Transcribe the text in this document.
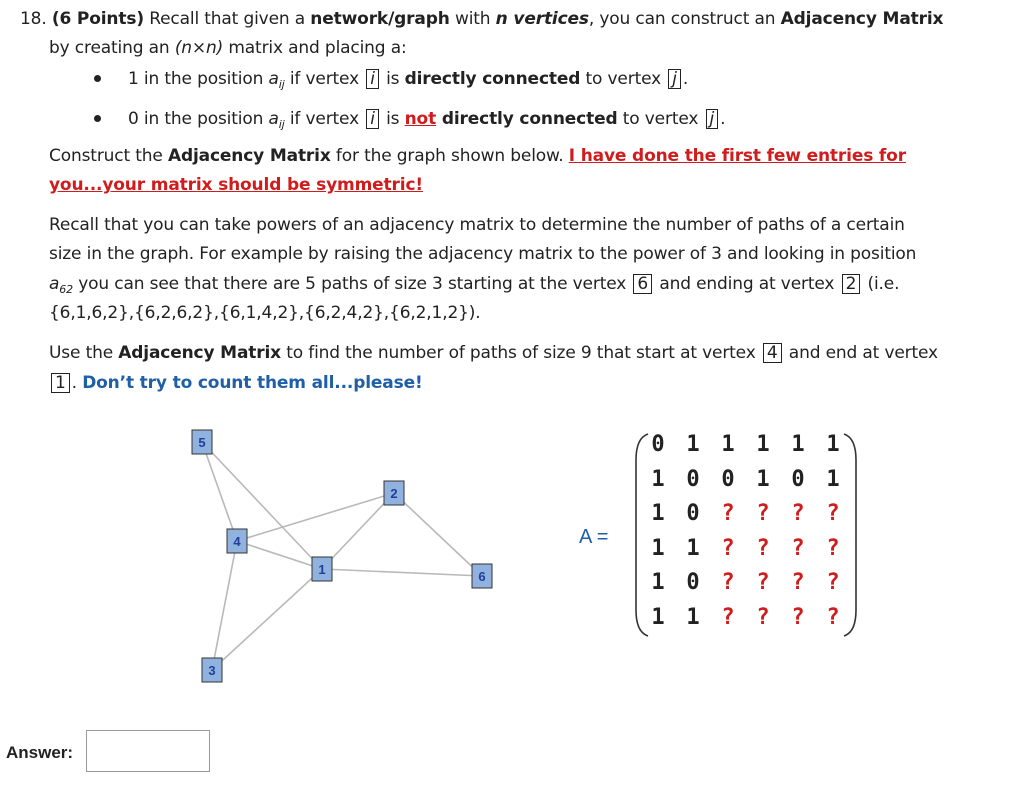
18. (6 Points) Recall that given a network/graph with n vertices, you can construct an Adjacency Matrix
by creating an (n×n) matrix and placing a:
1 in the position $a_{ij}$ if vertex i is directly connected to vertex j .
0 in the position $a_{ij}$ if vertex i is not directly connected to vertex j .
Construct the Adjacency Matrix for the graph shown below. I have done the first few entries for
you...your matrix should be symmetric!
Recall that you can take powers of an adjacency matrix to determine the number of paths of a certain
size in the graph. For example by raising the adjacency matrix to the power of 3 and looking in position
$a_{62}$ you can see that there are 5 paths of size 3 starting at the vertex 6 and ending at vertex 2 (i.e.
{6,1,6,2},{6,2,6,2},{6,1,4,2},{6,2,4,2},{6,2,1,2}).
Use the Adjacency Matrix to find the number of paths of size 9 that start at vertex 4 and end at vertex
1 . Don’t try to count them all...please!
5
2
4
1	6
3
A =
0 1 1 1 1 1
1 0 0 1 0 1
1 0 ? ? ? ?
1 1 ? ? ? ?
1 0 ? ? ? ?
1 1 ? ? ? ?
Answer:
